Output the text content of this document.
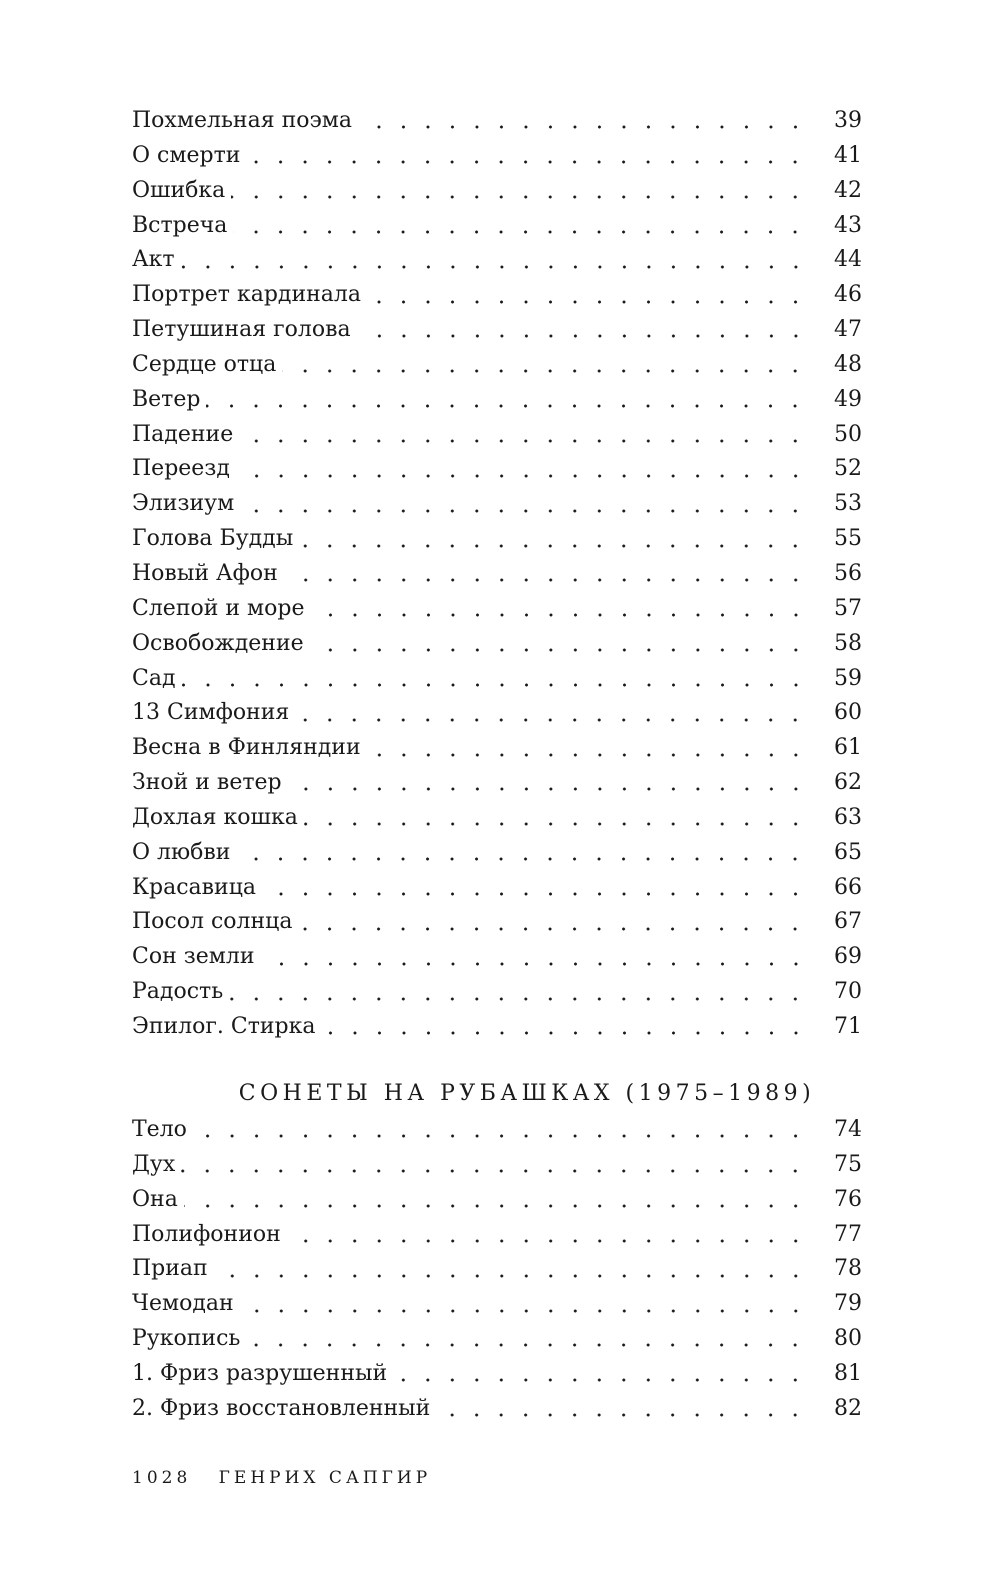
Похмельная поэма	39
О смерти	41
Ошибка	42
Встреча	43
Акт	44
Портрет кардинала	46
Петушиная голова	47
Сердце отца	48
Ветер	49
Падение	50
Переезд	52
Элизиум	53
Голова Будды	55
Новый Афон	56
Слепой и море	57
Освобождение	58
Сад	59
13 Симфония	60
Весна в Финляндии	61
Зной и ветер	62
Дохлая кошка	63
О любви	65
Красавица	66
Посол солнца	67
Сон земли	69
Радость	70
Эпилог. Стирка	71
СОНЕТЫ НА РУБАШКАХ (1975–1989)
Тело	74
Дух	75
Она	76
Полифонион	77
Приап	78
Чемодан	79
Рукопись	80
1. Фриз разрушенный	81
2. Фриз восстановленный	82
1028 ГЕНРИХ САПГИР
